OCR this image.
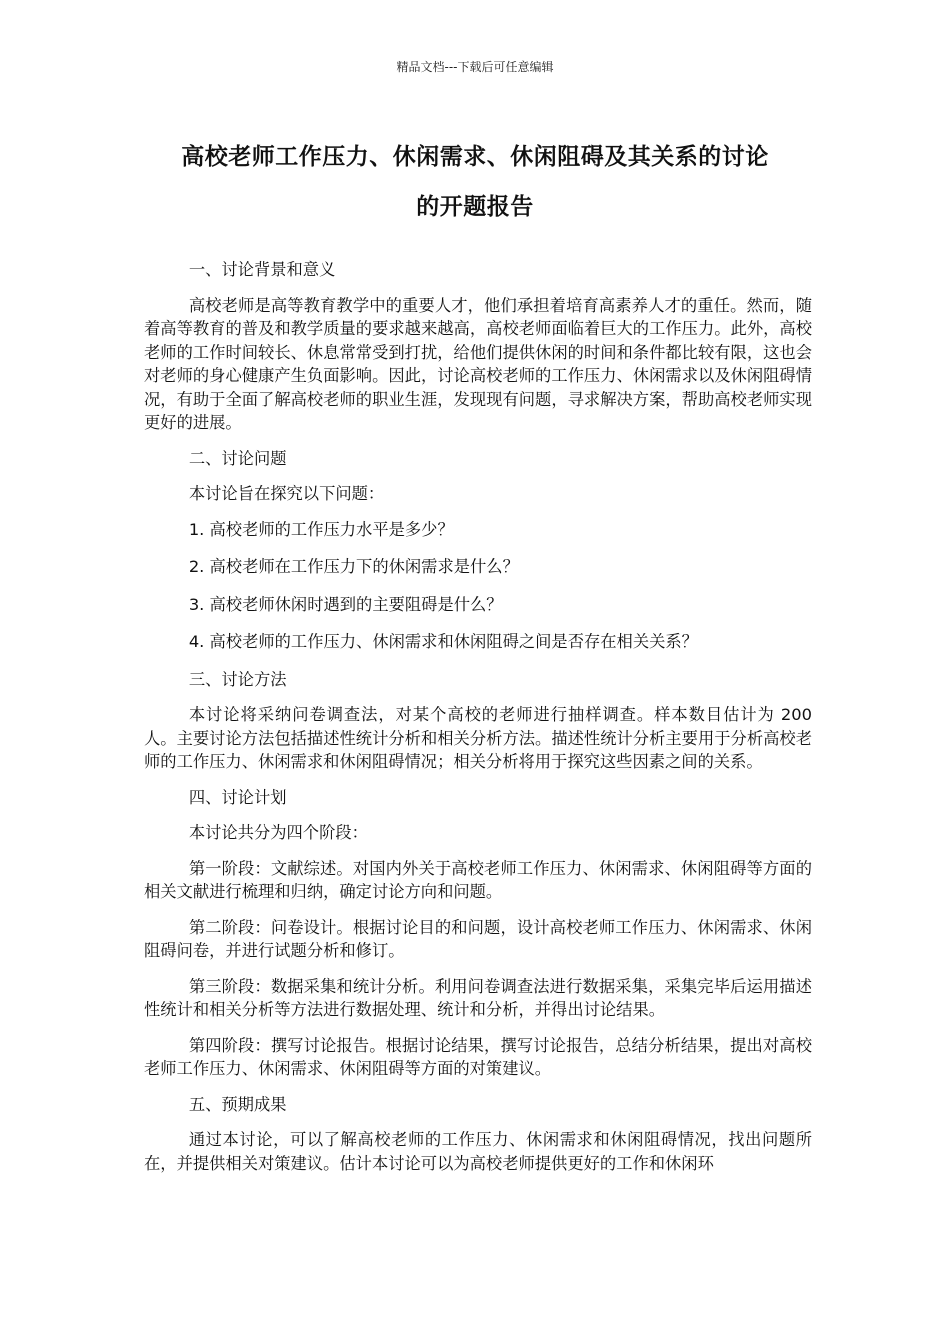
精品文档---下载后可任意编辑
高校老师工作压力、休闲需求、休闲阻碍及其关系的讨论
的开题报告

一、讨论背景和意义

高校老师是高等教育教学中的重要人才，他们承担着培育高素养人才的重任。然而，随着高等教育的普及和教学质量的要求越来越高，高校老师面临着巨大的工作压力。此外，高校老师的工作时间较长、休息常常受到打扰，给他们提供休闲的时间和条件都比较有限，这也会对老师的身心健康产生负面影响。因此，讨论高校老师的工作压力、休闲需求以及休闲阻碍情况，有助于全面了解高校老师的职业生涯，发现现有问题，寻求解决方案，帮助高校老师实现更好的进展。

二、讨论问题

本讨论旨在探究以下问题：

1. 高校老师的工作压力水平是多少？

2. 高校老师在工作压力下的休闲需求是什么？

3. 高校老师休闲时遇到的主要阻碍是什么？

4. 高校老师的工作压力、休闲需求和休闲阻碍之间是否存在相关关系？

三、讨论方法

本讨论将采纳问卷调查法，对某个高校的老师进行抽样调查。样本数目估计为 200 人。主要讨论方法包括描述性统计分析和相关分析方法。描述性统计分析主要用于分析高校老师的工作压力、休闲需求和休闲阻碍情况；相关分析将用于探究这些因素之间的关系。

四、讨论计划

本讨论共分为四个阶段：

第一阶段：文献综述。对国内外关于高校老师工作压力、休闲需求、休闲阻碍等方面的相关文献进行梳理和归纳，确定讨论方向和问题。

第二阶段：问卷设计。根据讨论目的和问题，设计高校老师工作压力、休闲需求、休闲阻碍问卷，并进行试题分析和修订。

第三阶段：数据采集和统计分析。利用问卷调查法进行数据采集，采集完毕后运用描述性统计和相关分析等方法进行数据处理、统计和分析，并得出讨论结果。

第四阶段：撰写讨论报告。根据讨论结果，撰写讨论报告，总结分析结果，提出对高校老师工作压力、休闲需求、休闲阻碍等方面的对策建议。

五、预期成果

通过本讨论，可以了解高校老师的工作压力、休闲需求和休闲阻碍情况，找出问题所在，并提供相关对策建议。估计本讨论可以为高校老师提供更好的工作和休闲环
